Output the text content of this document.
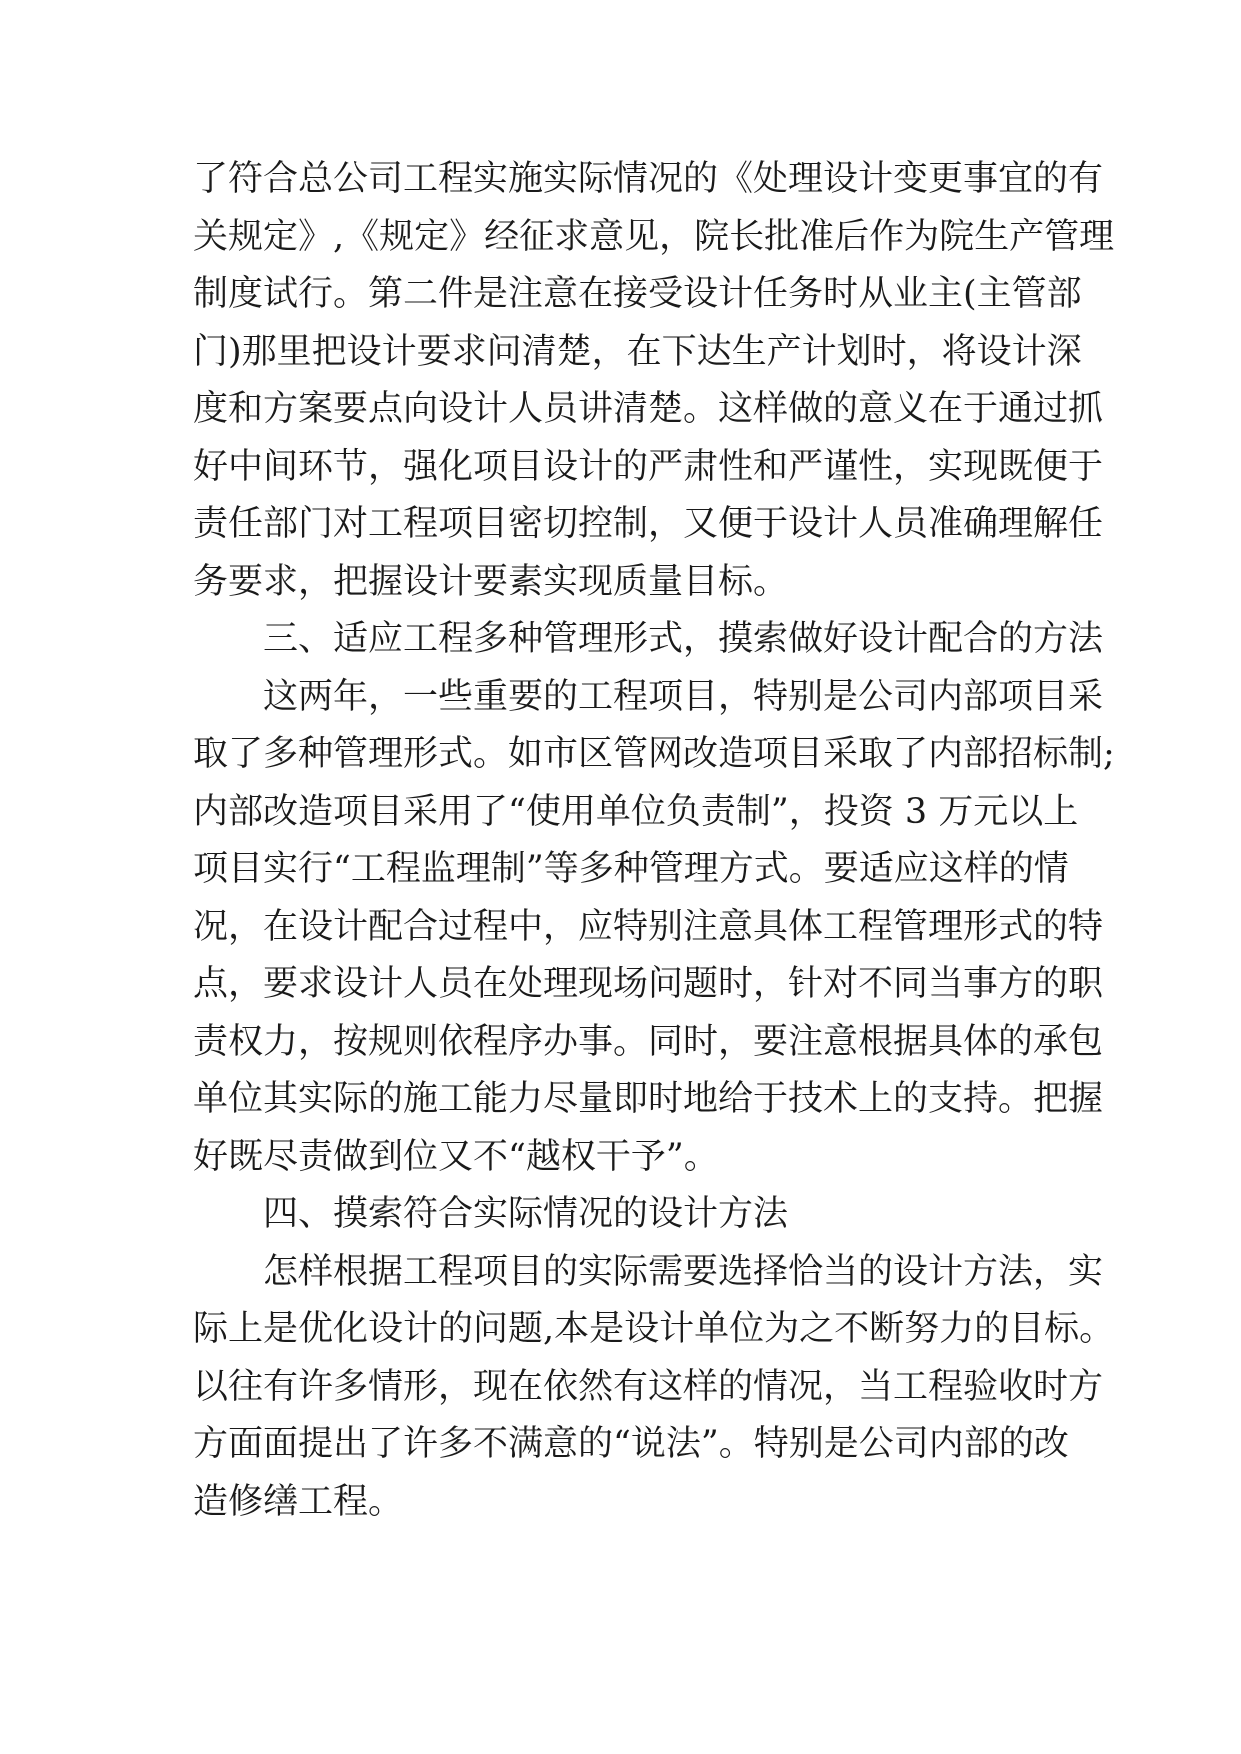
了符合总公司工程实施实际情况的《处理设计变更事宜的有
关规定》,《规定》经征求意见，院长批准后作为院生产管理
制度试行。第二件是注意在接受设计任务时从业主(主管部
门)那里把设计要求问清楚，在下达生产计划时，将设计深
度和方案要点向设计人员讲清楚。这样做的意义在于通过抓
好中间环节，强化项目设计的严肃性和严谨性，实现既便于
责任部门对工程项目密切控制，又便于设计人员准确理解任
务要求，把握设计要素实现质量目标。
三、适应工程多种管理形式，摸索做好设计配合的方法
这两年，一些重要的工程项目，特别是公司内部项目采
取了多种管理形式。如市区管网改造项目采取了内部招标制;
内部改造项目采用了“使用单位负责制”，投资 3 万元以上
项目实行“工程监理制”等多种管理方式。要适应这样的情
况，在设计配合过程中，应特别注意具体工程管理形式的特
点，要求设计人员在处理现场问题时，针对不同当事方的职
责权力，按规则依程序办事。同时，要注意根据具体的承包
单位其实际的施工能力尽量即时地给于技术上的支持。把握
好既尽责做到位又不“越权干予”。
四、摸索符合实际情况的设计方法
怎样根据工程项目的实际需要选择恰当的设计方法，实
际上是优化设计的问题,本是设计单位为之不断努力的目标。
以往有许多情形，现在依然有这样的情况，当工程验收时方
方面面提出了许多不满意的“说法”。特别是公司内部的改
造修缮工程。
